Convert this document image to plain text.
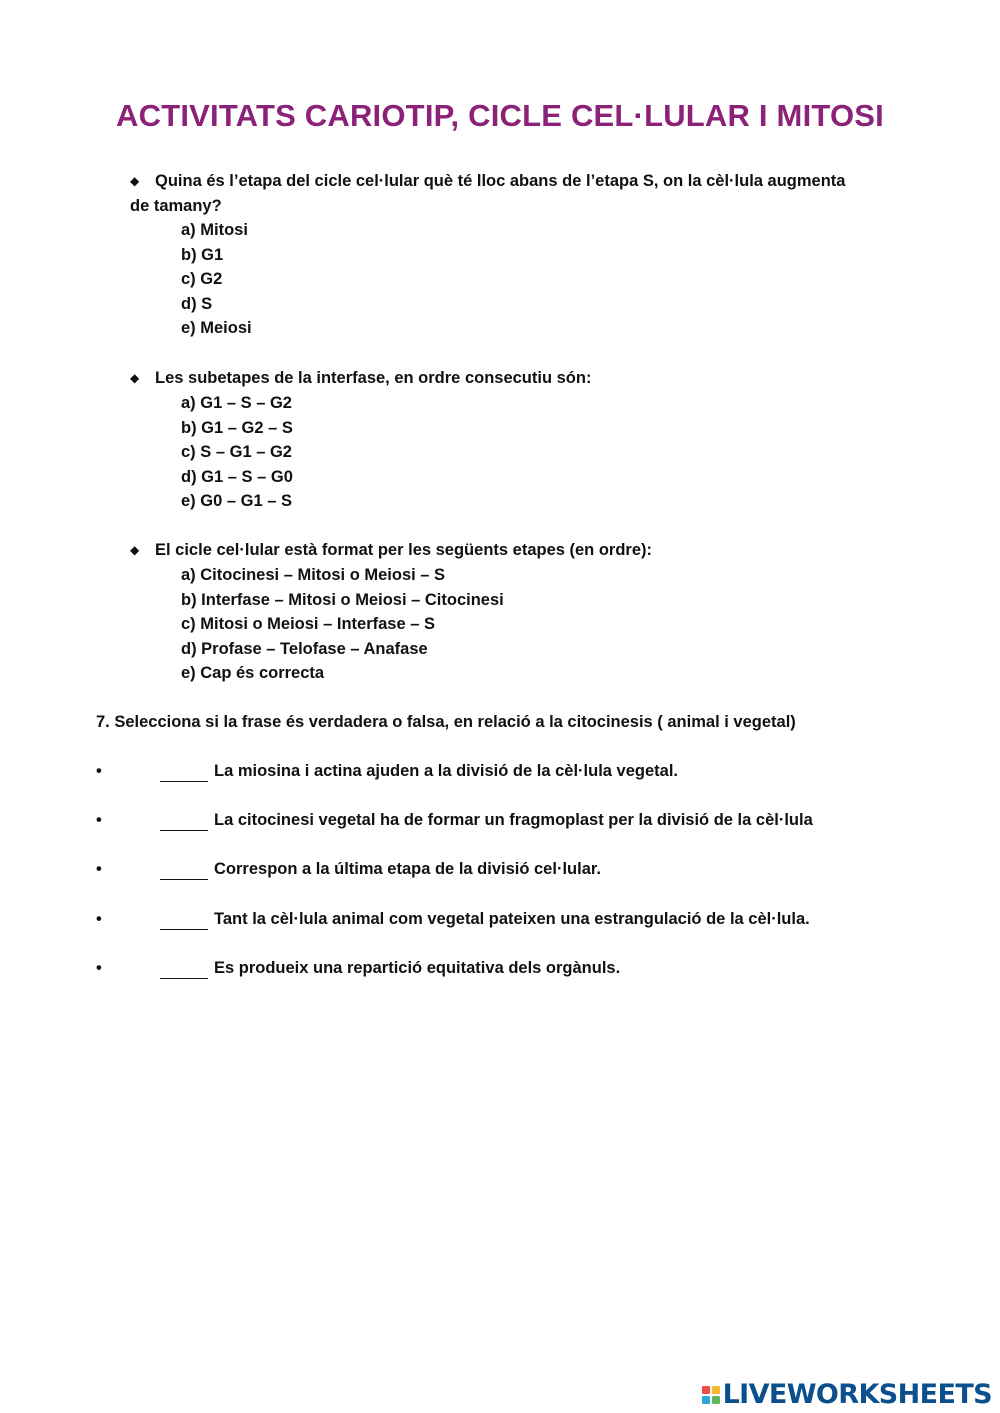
ACTIVITATS CARIOTIP, CICLE CEL·LULAR I MITOSI
◆ Quina és l’etapa del cicle cel·lular què té lloc abans de l’etapa S, on la cèl·lula augmenta
de tamany?
a) Mitosi
b) G1
c) G2
d) S
e) Meiosi
◆ Les subetapes de la interfase, en ordre consecutiu són:
a) G1 – S – G2
b) G1 – G2 – S
c) S – G1 – G2
d) G1 – S – G0
e) G0 – G1 – S
◆ El cicle cel·lular està format per les següents etapes (en ordre):
a) Citocinesi – Mitosi o Meiosi – S
b) Interfase – Mitosi o Meiosi – Citocinesi
c) Mitosi o Meiosi – Interfase – S
d) Profase – Telofase – Anafase
e) Cap és correcta
7. Selecciona si la frase és verdadera o falsa, en relació a la citocinesis ( animal i vegetal)
•	La miosina i actina ajuden a la divisió de la cèl·lula vegetal.
•	La citocinesi vegetal ha de formar un fragmoplast per la divisió de la cèl·lula
•	Correspon a la última etapa de la divisió cel·lular.
•	Tant la cèl·lula animal com vegetal pateixen una estrangulació de la cèl·lula.
•	Es produeix una repartició equitativa dels orgànuls.
LIVEWORKSHEETS
